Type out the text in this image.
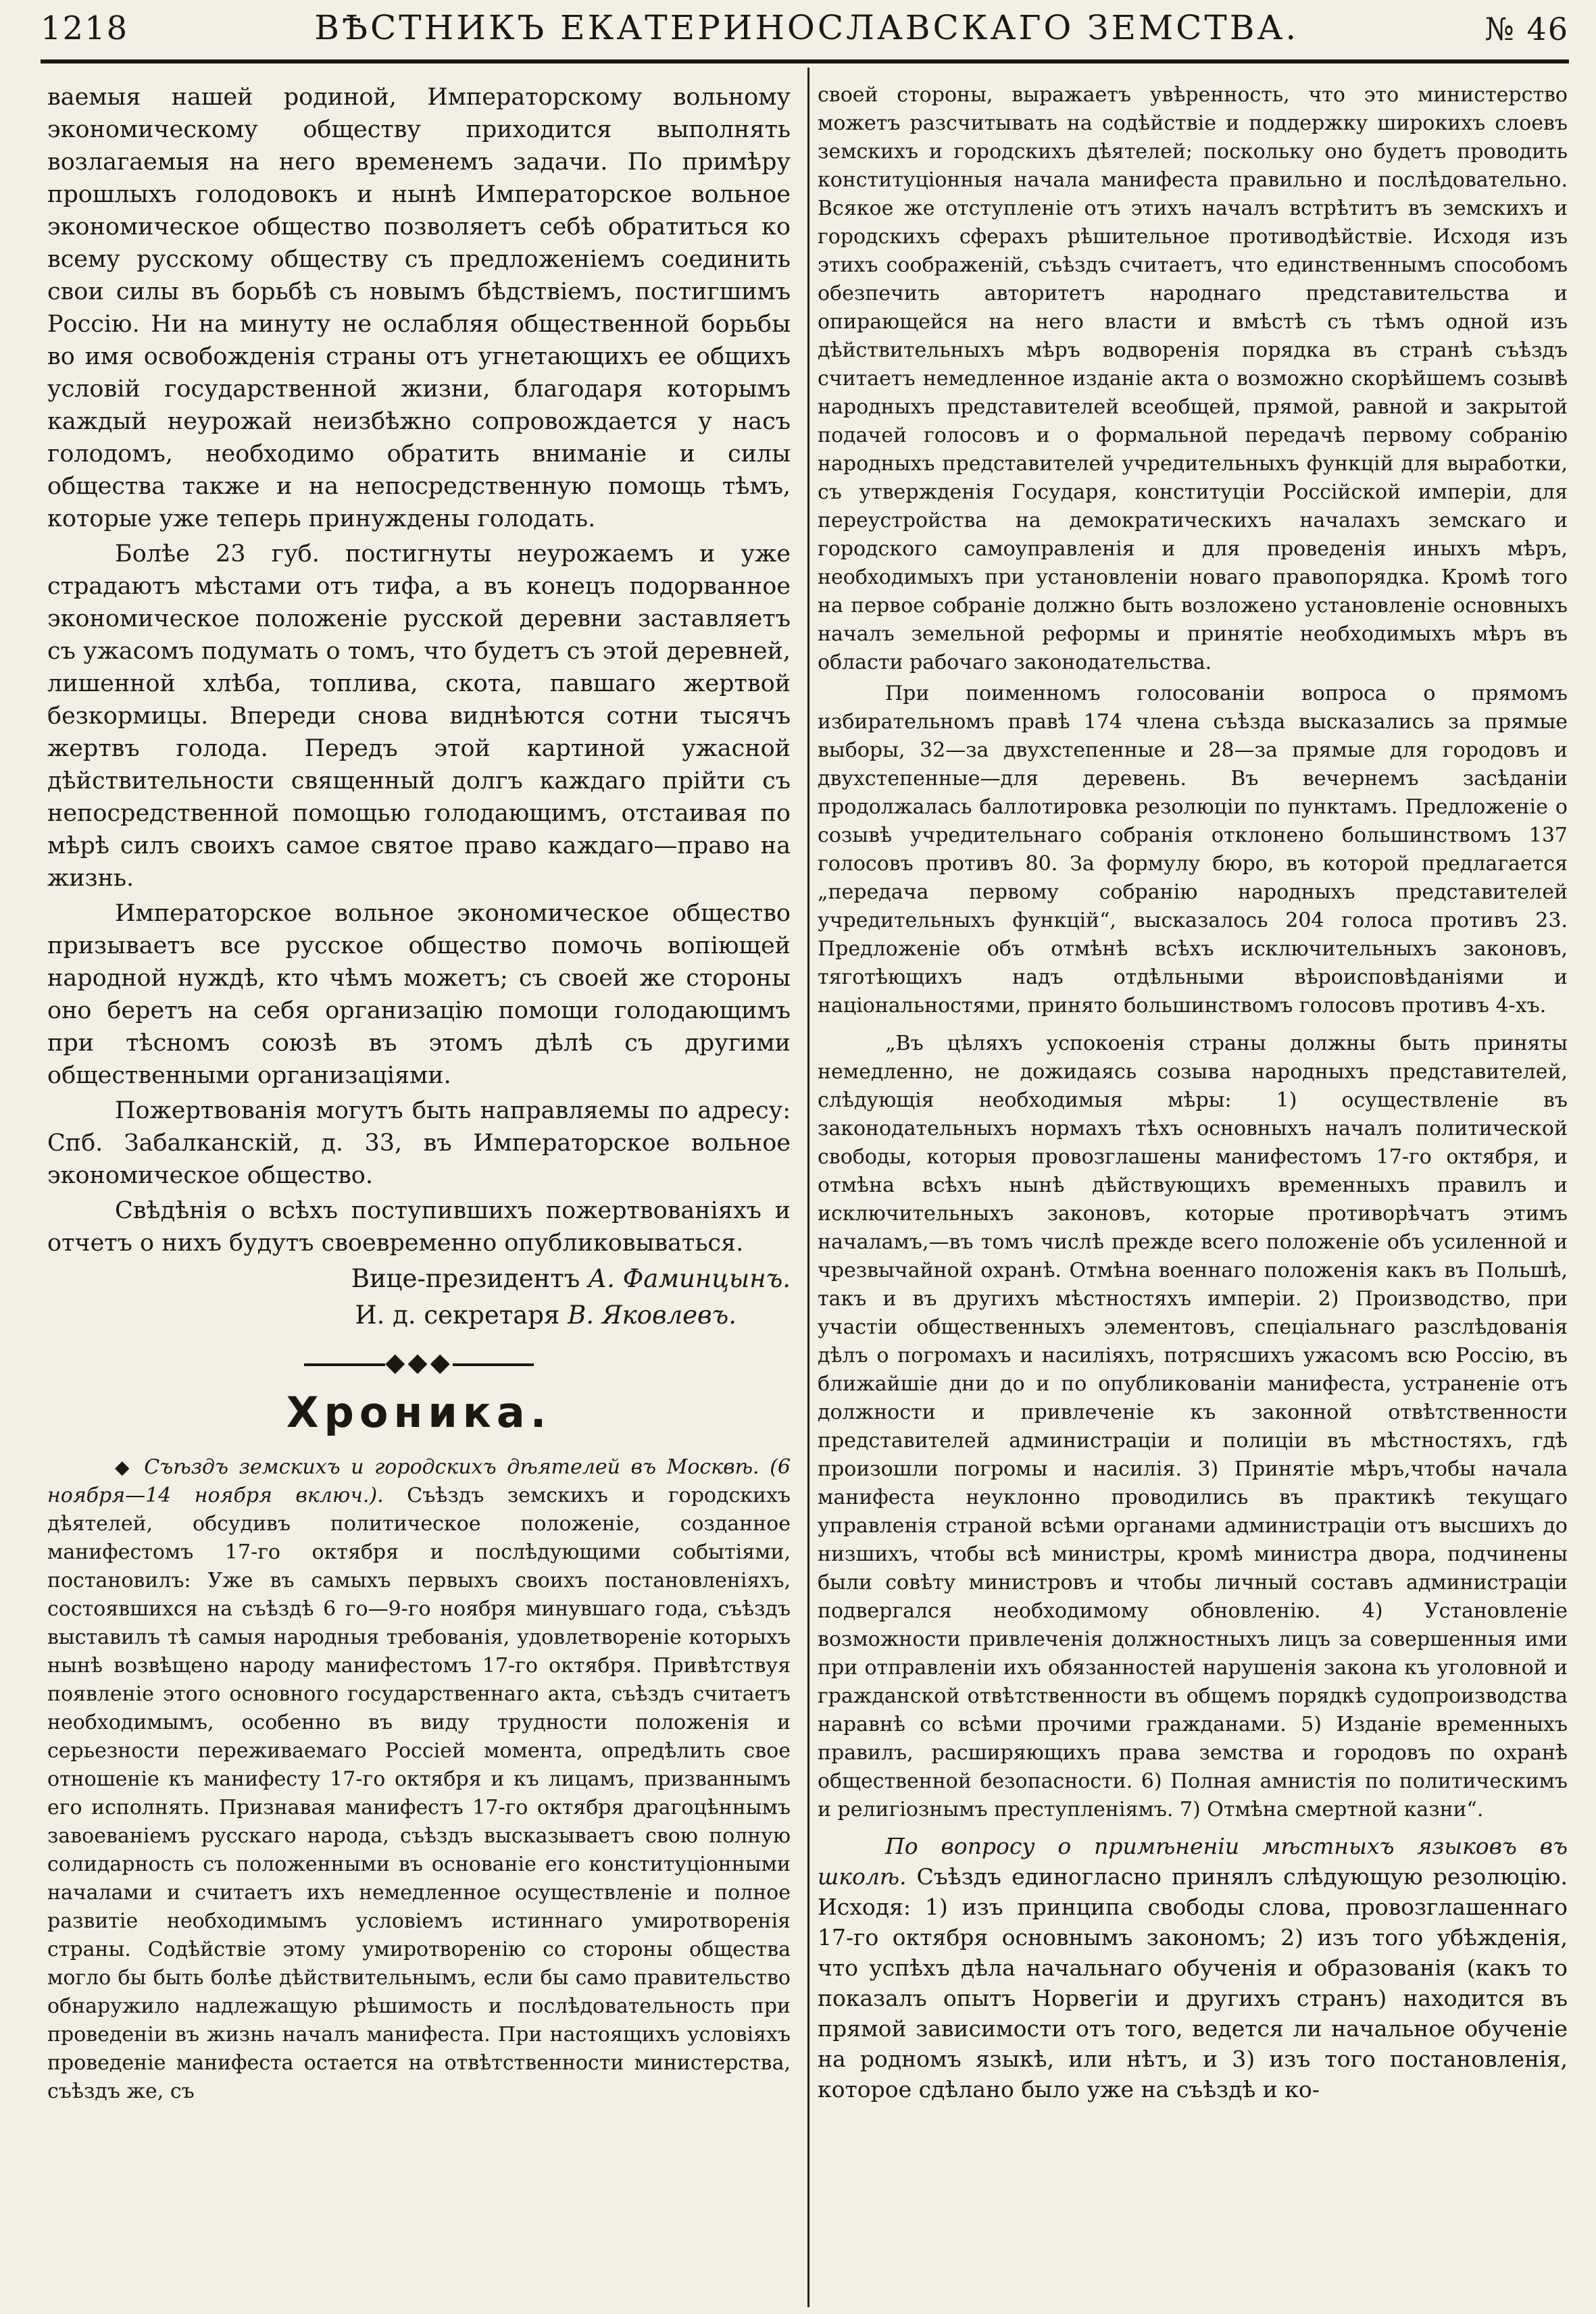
1218	ВѢСТНИКЪ ЕКАТЕРИНОСЛАВСКАГО ЗЕМСТВА.	№ 46

ваемыя нашей родиной, Императорскому вольному экономическому обществу приходится выполнять возлагаемыя на него временемъ задачи. По примѣру прошлыхъ голодовокъ и нынѣ Императорское вольное экономическое общество позволяетъ себѣ обратиться ко всему русскому обществу съ предложенiемъ соединить свои силы въ борьбѣ съ новымъ бѣдствiемъ, постигшимъ Россiю. Ни на минуту не ослабляя общественной борьбы во имя освобожденiя страны отъ угнетающихъ ее общихъ условiй государственной жизни, благодаря которымъ каждый неурожай неизбѣжно сопровождается у насъ голодомъ, необходимо обратить вниманiе и силы общества также и на непосредственную помощь тѣмъ, которые уже теперь принуждены голодать.

Болѣе 23 губ. постигнуты неурожаемъ и уже страдаютъ мѣстами отъ тифа, а въ конецъ подорванное экономическое положенiе русской деревни заставляетъ съ ужасомъ подумать о томъ, что будетъ съ этой деревней, лишенной хлѣба, топлива, скота, павшаго жертвой безкормицы. Впереди снова виднѣются сотни тысячъ жертвъ голода. Передъ этой картиной ужасной дѣйствительности священный долгъ каждаго прiйти съ непосредственной помощью голодающимъ, отстаивая по мѣрѣ силъ своихъ самое святое право каждаго—право на жизнь.

Императорское вольное экономическое общество призываетъ все русское общество помочь вопiющей народной нуждѣ, кто чѣмъ можетъ; съ своей же стороны оно беретъ на себя организацiю помощи голодающимъ при тѣсномъ союзѣ въ этомъ дѣлѣ съ другими общественными организацiями.

Пожертвованiя могутъ быть направляемы по адресу: Спб. Забалканскiй, д. 33, въ Императорское вольное экономическое общество.

Свѣдѣнiя о всѣхъ поступившихъ пожертвованiяхъ и отчетъ о нихъ будутъ своевременно опубликовываться.

Вице-президентъ А. Фаминцынъ.

И. д. секретаря В. Яковлевъ.

◆◆◆
Хроника.

◆ Съѣздъ земскихъ и городскихъ дѣятелей въ Москвѣ. (6 ноября—14 ноября включ.). Съѣздъ земскихъ и городскихъ дѣятелей, обсудивъ политическое положенiе, созданное манифестомъ 17-го октября и послѣдующими событiями, постановилъ: Уже въ самыхъ первыхъ своихъ постановленiяхъ, состоявшихся на съѣздѣ 6 го—9-го ноября минувшаго года, съѣздъ выставилъ тѣ самыя народныя требованiя, удовлетворенiе которыхъ нынѣ возвѣщено народу манифестомъ 17-го октября. Привѣтствуя появленiе этого основного государственнаго акта, съѣздъ считаетъ необходимымъ, особенно въ виду трудности положенiя и серьезности переживаемаго Россiей момента, опредѣлить свое отношенiе къ манифесту 17-го октября и къ лицамъ, призваннымъ его исполнять. Признавая манифестъ 17-го октября драгоцѣннымъ завоеванiемъ русскаго народа, съѣздъ высказываетъ свою полную солидарность съ положенными въ основанiе его конституцiонными началами и считаетъ ихъ немедленное осуществленiе и полное развитiе необходимымъ условiемъ истиннаго умиротворенiя страны. Содѣйствiе этому умиротворенiю со стороны общества могло бы быть болѣе дѣйствительнымъ, если бы само правительство обнаружило надлежащую рѣшимость и послѣдовательность при проведенiи въ жизнь началъ манифеста. При настоящихъ условiяхъ проведенiе манифеста остается на отвѣтственности министерства, съѣздъ же, съ

своей стороны, выражаетъ увѣренность, что это министерство можетъ разсчитывать на содѣйствiе и поддержку широкихъ слоевъ земскихъ и городскихъ дѣятелей; поскольку оно будетъ проводить конституцiонныя начала манифеста правильно и послѣдовательно. Всякое же отступленiе отъ этихъ началъ встрѣтитъ въ земскихъ и городскихъ сферахъ рѣшительное противодѣйствiе. Исходя изъ этихъ соображенiй, съѣздъ считаетъ, что единственнымъ способомъ обезпечить авторитетъ народнаго представительства и опирающейся на него власти и вмѣстѣ съ тѣмъ одной изъ дѣйствительныхъ мѣръ водворенiя порядка въ странѣ съѣздъ считаетъ немедленное изданiе акта о возможно скорѣйшемъ созывѣ народныхъ представителей всеобщей, прямой, равной и закрытой подачей голосовъ и о формальной передачѣ первому собранiю народныхъ представителей учредительныхъ функцiй для выработки, съ утвержденiя Государя, конституцiи Россiйской имперiи, для переустройства на демократическихъ началахъ земскаго и городского самоуправленiя и для проведенiя иныхъ мѣръ, необходимыхъ при установленiи новаго правопорядка. Кромѣ того на первое собранiе должно быть возложено установленiе основныхъ началъ земельной реформы и принятiе необходимыхъ мѣръ въ области рабочаго законодательства.

При поименномъ голосованiи вопроса о прямомъ избирательномъ правѣ 174 члена съѣзда высказались за прямые выборы, 32—за двухстепенные и 28—за прямые для городовъ и двухстепенные—для деревень. Въ вечернемъ засѣданiи продолжалась баллотировка резолюцiи по пунктамъ. Предложенiе о созывѣ учредительнаго собранiя отклонено большинствомъ 137 голосовъ противъ 80. За формулу бюро, въ которой предлагается „передача первому собранiю народныхъ представителей учредительныхъ функцiй“, высказалось 204 голоса противъ 23. Предложенiе объ отмѣнѣ всѣхъ исключительныхъ законовъ, тяготѣющихъ надъ отдѣльными вѣроисповѣданiями и нацiональностями, принято большинствомъ голосовъ противъ 4-хъ.

„Въ цѣляхъ успокоенiя страны должны быть приняты немедленно, не дожидаясь созыва народныхъ представителей, слѣдующiя необходимыя мѣры: 1) осуществленiе въ законодательныхъ нормахъ тѣхъ основныхъ началъ политической свободы, которыя провозглашены манифестомъ 17-го октября, и отмѣна всѣхъ нынѣ дѣйствующихъ временныхъ правилъ и исключительныхъ законовъ, которые противорѣчатъ этимъ началамъ,—въ томъ числѣ прежде всего положенiе объ усиленной и чрезвычайной охранѣ. Отмѣна военнаго положенiя какъ въ Польшѣ, такъ и въ другихъ мѣстностяхъ имперiи. 2) Производство, при участiи общественныхъ элементовъ, спецiальнаго разслѣдованiя дѣлъ о погромахъ и насилiяхъ, потрясшихъ ужасомъ всю Россiю, въ ближайшiе дни до и по опубликованiи манифеста, устраненiе отъ должности и привлеченiе къ законной отвѣтственности представителей администрацiи и полицiи въ мѣстностяхъ, гдѣ произошли погромы и насилiя. 3) Принятiе мѣръ,чтобы начала манифеста неуклонно проводились въ практикѣ текущаго управленiя страной всѣми органами администрацiи отъ высшихъ до низшихъ, чтобы всѣ министры, кромѣ министра двора, подчинены были совѣту министровъ и чтобы личный составъ администрацiи подвергался необходимому обновленiю. 4) Установленiе возможности привлеченiя должностныхъ лицъ за совершенныя ими при отправленiи ихъ обязанностей нарушенiя закона къ уголовной и гражданской отвѣтственности въ общемъ порядкѣ судопроизводства наравнѣ со всѣми прочими гражданами. 5) Изданiе временныхъ правилъ, расширяющихъ права земства и городовъ по охранѣ общественной безопасности. 6) Полная амнистiя по политическимъ и религiознымъ преступленiямъ. 7) Отмѣна смертной казни“.

По вопросу о примѣненiи мѣстныхъ языковъ въ школѣ. Съѣздъ единогласно принялъ слѣдующую резолюцiю. Исходя: 1) изъ принципа свободы слова, провозглашеннаго 17-го октября основнымъ закономъ; 2) изъ того убѣжденiя, что успѣхъ дѣла начальнаго обученiя и образованiя (какъ то показалъ опытъ Норвегiи и другихъ странъ) находится въ прямой зависимости отъ того, ведется ли начальное обученiе на родномъ языкѣ, или нѣтъ, и 3) изъ того постановленiя, которое сдѣлано было уже на съѣздѣ и ко-
